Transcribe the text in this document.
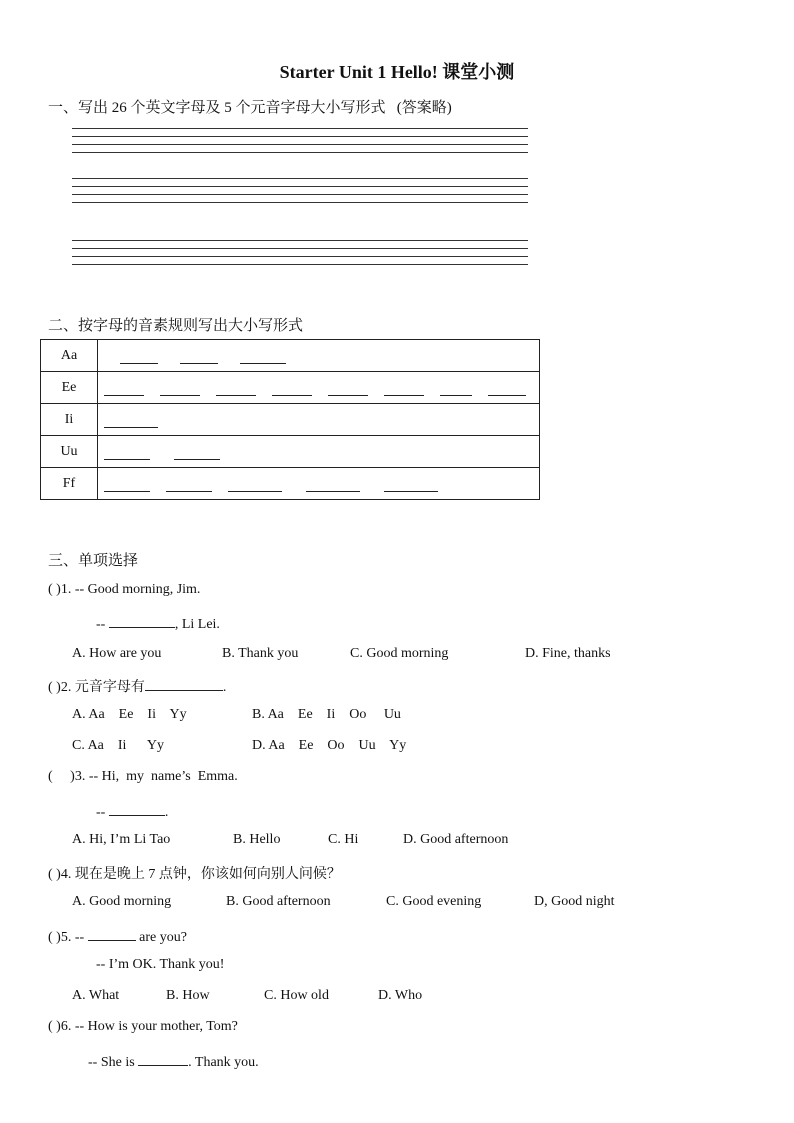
Starter Unit 1 Hello! 课堂小测
一、写出 26 个英文字母及 5 个元音字母大小写形式 (答案略)
二、按字母的音素规则写出大小写形式
Aa	
Ee	
Ii	
Uu	
Ff	
三、单项选择
( )1. -- Good morning, Jim.
--	, Li Lei.
A. How are you	B. Thank you	C. Good morning	D. Fine, thanks
( )2. 元音字母有	.
A. Aa    Ee    Ii    Yy	B. Aa    Ee    Ii    Oo     Uu
C. Aa    Ii      Yy	D. Aa    Ee    Oo    Uu    Yy
(     )3. -- Hi,  my  name’s  Emma.
--	.
A. Hi, I’m Li Tao	B. Hello	C. Hi	D. Good afternoon
( )4. 现在是晚上 7 点钟，你该如何向别人问候？
A. Good morning	B. Good afternoon	C. Good evening	D, Good night
( )5. --	are you?
-- I’m OK. Thank you!
A. What	B. How	C. How old	D. Who
( )6. -- How is your mother, Tom?
-- She is	. Thank you.
